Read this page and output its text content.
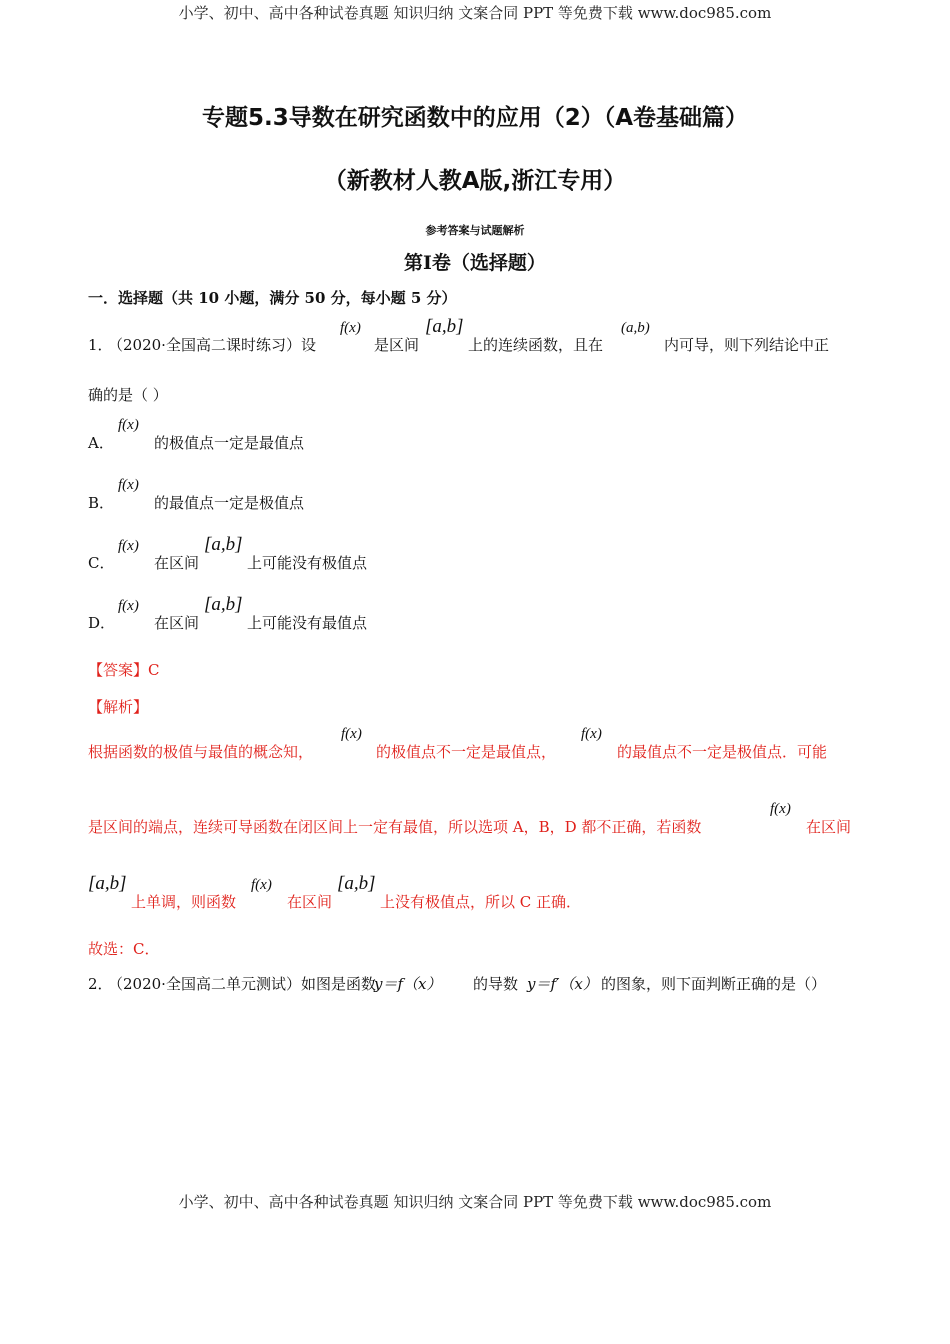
小学、初中、高中各种试卷真题 知识归纳 文案合同 PPT 等免费下载 www.doc985.com
专题5.3导数在研究函数中的应用（2）（A卷基础篇）
（新教材人教A版,浙江专用）
参考答案与试题解析
第Ⅰ卷（选择题）
一．选择题（共 10 小题，满分 50 分，每小题 5 分）
1．
（2020·全国高二课时练习）设
f(x)
是区间
[a,b]
上的连续函数，且在
(a,b)
内可导，则下列结论中正
确的是（ ）
A．
f(x)
的极值点一定是最值点
B．
f(x)
的最值点一定是极值点
C．
f(x)
在区间
[a,b]
上可能没有极值点
D．
f(x)
在区间
[a,b]
上可能没有最值点
【答案】C
【解析】
根据函数的极值与最值的概念知，
f(x)
的极值点不一定是最值点，
f(x)
的最值点不一定是极值点．可能
是区间的端点，连续可导函数在闭区间上一定有最值，所以选项 A，B，D 都不正确，若函数
f(x)
在区间
[a,b]
上单调，则函数
f(x)
在区间
[a,b]
上没有极值点，所以 C 正确．
故选：C．
2．
（2020·全国高二单元测试）如图是函数
y＝f（x） 的导数 y＝f′（x） 的图象，则下面判断正确的是（）
小学、初中、高中各种试卷真题 知识归纳 文案合同 PPT 等免费下载 www.doc985.com
